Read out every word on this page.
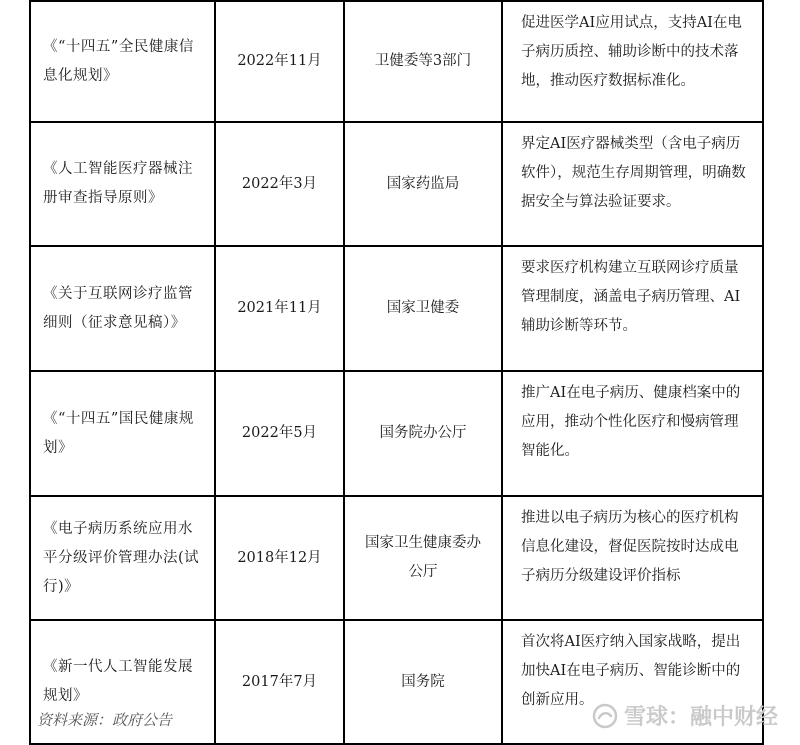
《“十四五”全民健康信息化规划》	2022年11月	卫健委等3部门	促进医学AI应用试点，支持AI在电子病历质控、辅助诊断中的技术落地，推动医疗数据标准化。
《人工智能医疗器械注册审查指导原则》	2022年3月	国家药监局	界定AI医疗器械类型（含电子病历软件），规范生存周期管理，明确数据安全与算法验证要求。
《关于互联网诊疗监管细则（征求意见稿）》	2021年11月	国家卫健委	要求医疗机构建立互联网诊疗质量管理制度，涵盖电子病历管理、AI辅助诊断等环节。
《“十四五”国民健康规划》	2022年5月	国务院办公厅	推广AI在电子病历、健康档案中的应用，推动个性化医疗和慢病管理智能化。
《电子病历系统应用水平分级评价管理办法(试行)》	2018年12月	国家卫生健康委办公厅	推进以电子病历为核心的医疗机构信息化建设，督促医院按时达成电子病历分级建设评价指标
《新一代人工智能发展规划》	2017年7月	国务院	首次将AI医疗纳入国家战略，提出加快AI在电子病历、智能诊断中的创新应用。
资料来源：政府公告	雪球：融中财经
